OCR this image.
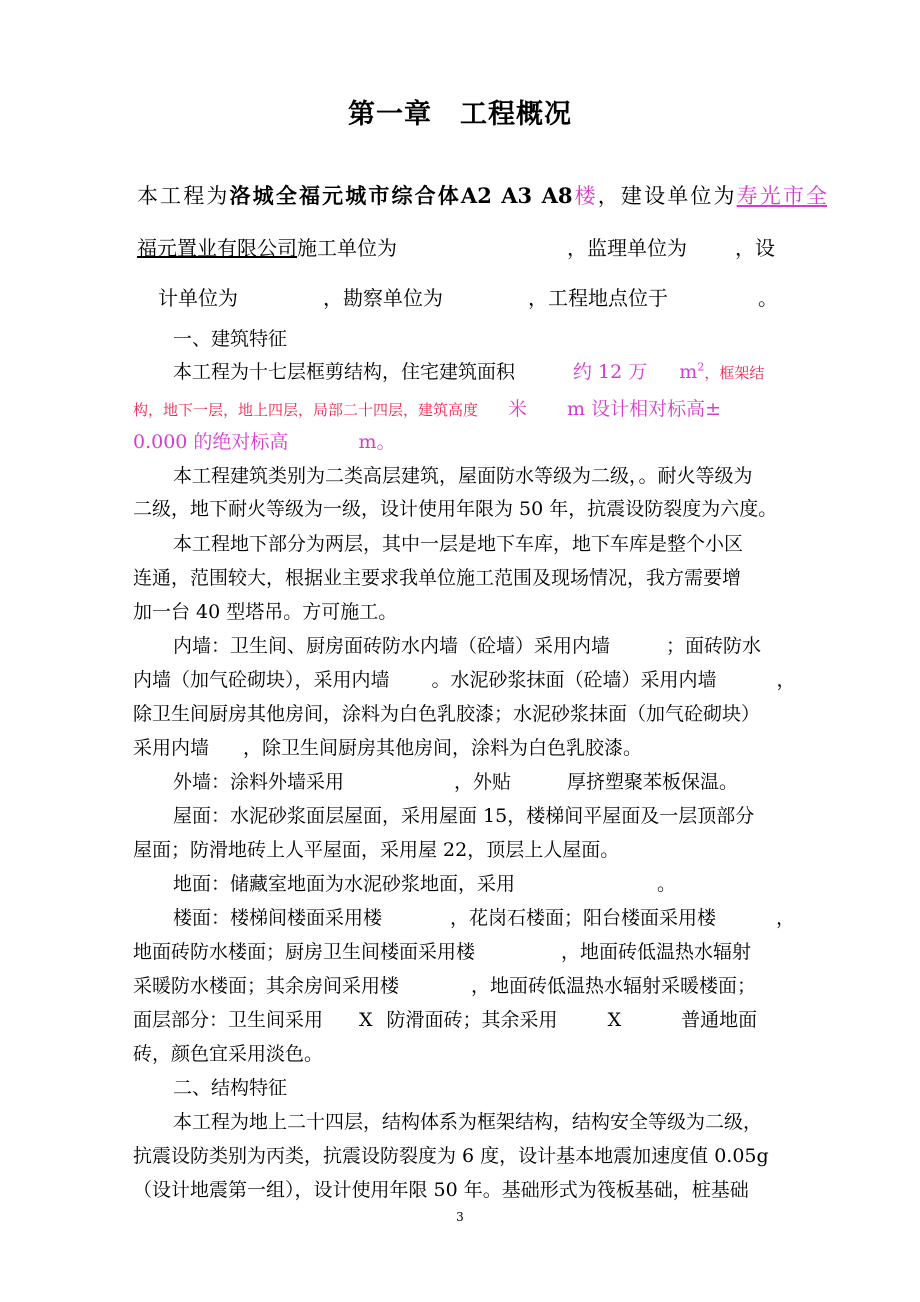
第一章　工程概况
本工程为洛城全福元城市综合体A2 A3 A8楼，建设单位为寿光市全
福元置业有限公司施工单位为	，监理单位为 ，设
计单位为	，勘察单位为	，工程地点位于	。
一、建筑特征
本工程为十七层框剪结构，住宅建筑面积	约 12 万 $m^2$，框架结
构，地下一层，地上四层，局部二十四层，建筑高度 米 m 设计相对标高±
0.000 的绝对标高	m。
本工程建筑类别为二类高层建筑，屋面防水等级为二级，。耐火等级为
二级，地下耐火等级为一级，设计使用年限为 50 年，抗震设防裂度为六度。
本工程地下部分为两层，其中一层是地下车库，地下车库是整个小区
连通，范围较大，根据业主要求我单位施工范围及现场情况，我方需要增
加一台 40 型塔吊。方可施工。
内墙：卫生间、厨房面砖防水内墙（砼墙）采用内墙	；面砖防水
内墙（加气砼砌块），采用内墙 。水泥砂浆抹面（砼墙）采用内墙	，
除卫生间厨房其他房间，涂料为白色乳胶漆；水泥砂浆抹面（加气砼砌块）
采用内墙 ，除卫生间厨房其他房间，涂料为白色乳胶漆。
外墙：涂料外墙采用	，外贴	厚挤塑聚苯板保温。
屋面：水泥砂浆面层屋面，采用屋面 15，楼梯间平屋面及一层顶部分
屋面；防滑地砖上人平屋面，采用屋 22，顶层上人屋面。
地面：储藏室地面为水泥砂浆地面，采用	。
楼面：楼梯间楼面采用楼	，花岗石楼面；阳台楼面采用楼	，
地面砖防水楼面；厨房卫生间楼面采用楼	，地面砖低温热水辐射
采暖防水楼面；其余房间采用楼	，地面砖低温热水辐射采暖楼面；
面层部分：卫生间采用 X 防滑面砖；其余采用	X	普通地面
砖，颜色宜采用淡色。
二、结构特征
本工程为地上二十四层，结构体系为框架结构，结构安全等级为二级，
抗震设防类别为丙类，抗震设防裂度为 6 度，设计基本地震加速度值 0.05g
（设计地震第一组），设计使用年限 50 年。基础形式为筏板基础，桩基础
3
